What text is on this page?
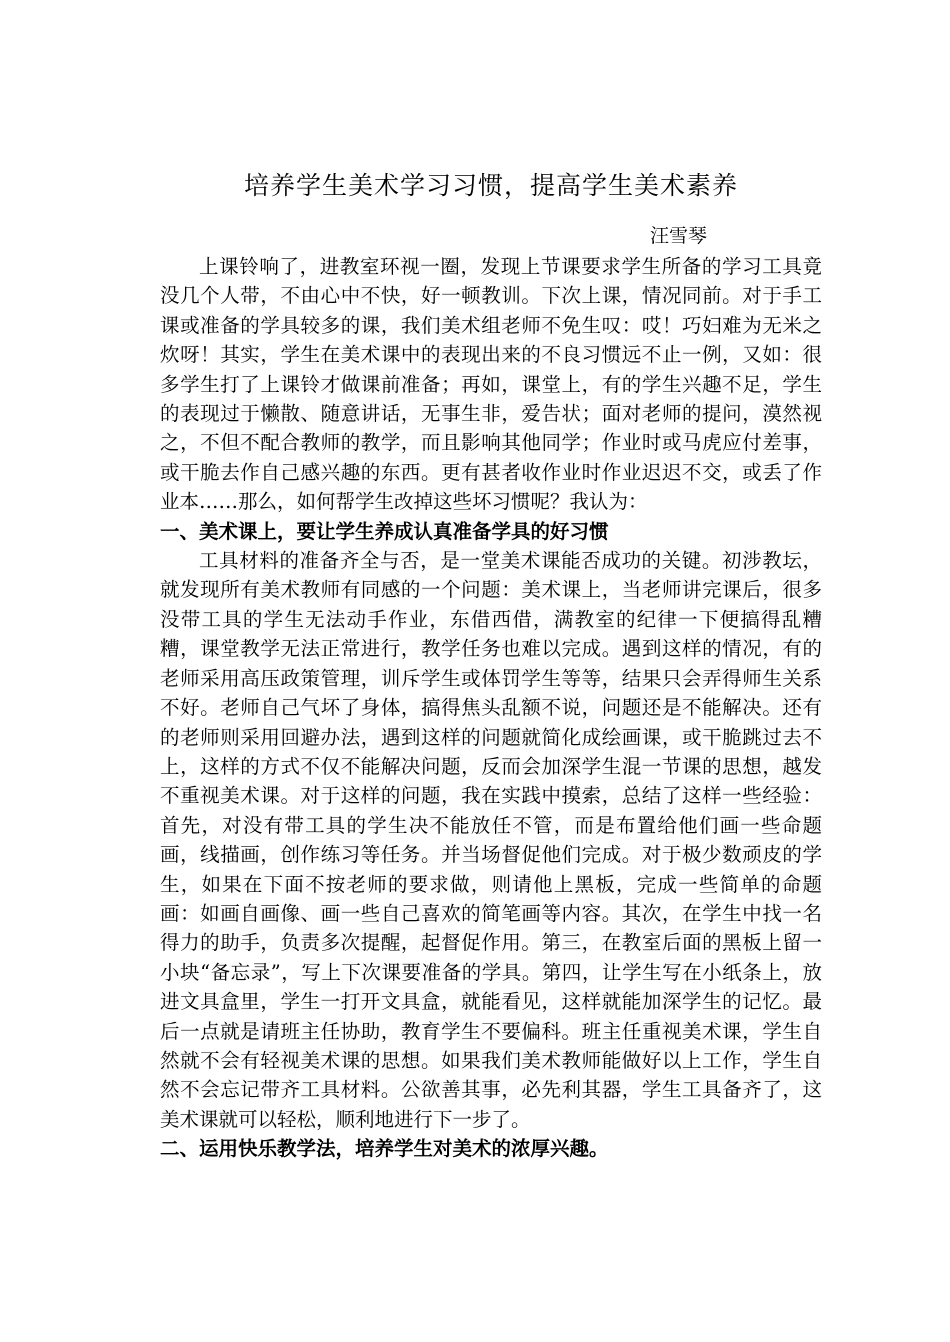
培养学生美术学习习惯，提高学生美术素养
汪雪琴

上课铃响了，进教室环视一圈，发现上节课要求学生所备的学习工具竟没几个人带，不由心中不快，好一顿教训。下次上课，情况同前。对于手工课或准备的学具较多的课，我们美术组老师不免生叹：哎！巧妇难为无米之炊呀！其实，学生在美术课中的表现出来的不良习惯远不止一例，又如：很多学生打了上课铃才做课前准备；再如，课堂上，有的学生兴趣不足，学生的表现过于懒散、随意讲话，无事生非，爱告状；面对老师的提问，漠然视之，不但不配合教师的教学，而且影响其他同学；作业时或马虎应付差事，或干脆去作自己感兴趣的东西。更有甚者收作业时作业迟迟不交，或丢了作业本……那么，如何帮学生改掉这些坏习惯呢？我认为：

一、美术课上，要让学生养成认真准备学具的好习惯

工具材料的准备齐全与否，是一堂美术课能否成功的关键。初涉教坛，就发现所有美术教师有同感的一个问题：美术课上，当老师讲完课后，很多没带工具的学生无法动手作业，东借西借，满教室的纪律一下便搞得乱糟糟，课堂教学无法正常进行，教学任务也难以完成。遇到这样的情况，有的老师采用高压政策管理，训斥学生或体罚学生等等，结果只会弄得师生关系不好。老师自己气坏了身体，搞得焦头乱额不说，问题还是不能解决。还有的老师则采用回避办法，遇到这样的问题就简化成绘画课，或干脆跳过去不上，这样的方式不仅不能解决问题，反而会加深学生混一节课的思想，越发不重视美术课。对于这样的问题，我在实践中摸索，总结了这样一些经验：首先，对没有带工具的学生决不能放任不管，而是布置给他们画一些命题画，线描画，创作练习等任务。并当场督促他们完成。对于极少数顽皮的学生，如果在下面不按老师的要求做，则请他上黑板，完成一些简单的命题画：如画自画像、画一些自己喜欢的简笔画等内容。其次，在学生中找一名得力的助手，负责多次提醒，起督促作用。第三，在教室后面的黑板上留一小块“备忘录”，写上下次课要准备的学具。第四，让学生写在小纸条上，放进文具盒里，学生一打开文具盒，就能看见，这样就能加深学生的记忆。最后一点就是请班主任协助，教育学生不要偏科。班主任重视美术课，学生自然就不会有轻视美术课的思想。如果我们美术教师能做好以上工作，学生自然不会忘记带齐工具材料。公欲善其事，必先利其器，学生工具备齐了，这美术课就可以轻松，顺利地进行下一步了。

二、运用快乐教学法，培养学生对美术的浓厚兴趣。
